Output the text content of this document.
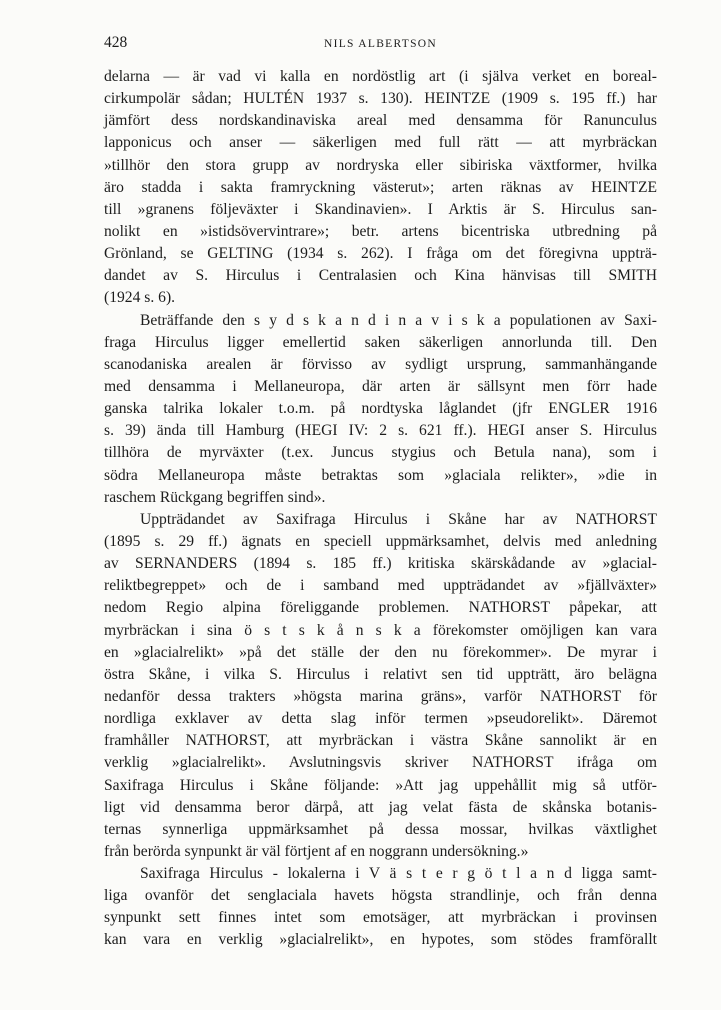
428	NILS ALBERTSON
delarna — är vad vi kalla en nordöstlig art (i själva verket en boreal-
cirkumpolär sådan; HULTÉN 1937 s. 130). HEINTZE (1909 s. 195 ff.) har
jämfört dess nordskandinaviska areal med densamma för Ranunculus
lapponicus och anser — säkerligen med full rätt — att myrbräckan
»tillhör den stora grupp av nordryska eller sibiriska växtformer, hvilka
äro stadda i sakta framryckning västerut»; arten räknas av HEINTZE
till »granens följeväxter i Skandinavien». I Arktis är S. Hirculus san-
nolikt en »istidsövervintrare»; betr. artens bicentriska utbredning på
Grönland, se GELTING (1934 s. 262). I fråga om det föregivna uppträ-
dandet av S. Hirculus i Centralasien och Kina hänvisas till SMITH
(1924 s. 6).
Beträffande den s y d s k a n d i n a v i s k a populationen av Saxi-
fraga Hirculus ligger emellertid saken säkerligen annorlunda till. Den
scanodaniska arealen är förvisso av sydligt ursprung, sammanhängande
med densamma i Mellaneuropa, där arten är sällsynt men förr hade
ganska talrika lokaler t.o.m. på nordtyska låglandet (jfr ENGLER 1916
s. 39) ända till Hamburg (HEGI IV: 2 s. 621 ff.). HEGI anser S. Hirculus
tillhöra de myrväxter (t.ex. Juncus stygius och Betula nana), som i
södra Mellaneuropa måste betraktas som »glaciala relikter», »die in
raschem Rückgang begriffen sind».
Uppträdandet av Saxifraga Hirculus i Skåne har av NATHORST
(1895 s. 29 ff.) ägnats en speciell uppmärksamhet, delvis med anledning
av SERNANDERS (1894 s. 185 ff.) kritiska skärskådande av »glacial-
reliktbegreppet» och de i samband med uppträdandet av »fjällväxter»
nedom Regio alpina föreliggande problemen. NATHORST påpekar, att
myrbräckan i sina ö s t s k å n s k a förekomster omöjligen kan vara
en »glacialrelikt» »på det ställe der den nu förekommer». De myrar i
östra Skåne, i vilka S. Hirculus i relativt sen tid uppträtt, äro belägna
nedanför dessa trakters »högsta marina gräns», varför NATHORST för
nordliga exklaver av detta slag inför termen »pseudorelikt». Däremot
framhåller NATHORST, att myrbräckan i västra Skåne sannolikt är en
verklig »glacialrelikt». Avslutningsvis skriver NATHORST ifråga om
Saxifraga Hirculus i Skåne följande: »Att jag uppehållit mig så utför-
ligt vid densamma beror därpå, att jag velat fästa de skånska botanis-
ternas synnerliga uppmärksamhet på dessa mossar, hvilkas växtlighet
från berörda synpunkt är väl förtjent af en noggrann undersökning.»
Saxifraga Hirculus - lokalerna i V ä s t e r g ö t l a n d ligga samt-
liga ovanför det senglaciala havets högsta strandlinje, och från denna
synpunkt sett finnes intet som emotsäger, att myrbräckan i provinsen
kan vara en verklig »glacialrelikt», en hypotes, som stödes framförallt
